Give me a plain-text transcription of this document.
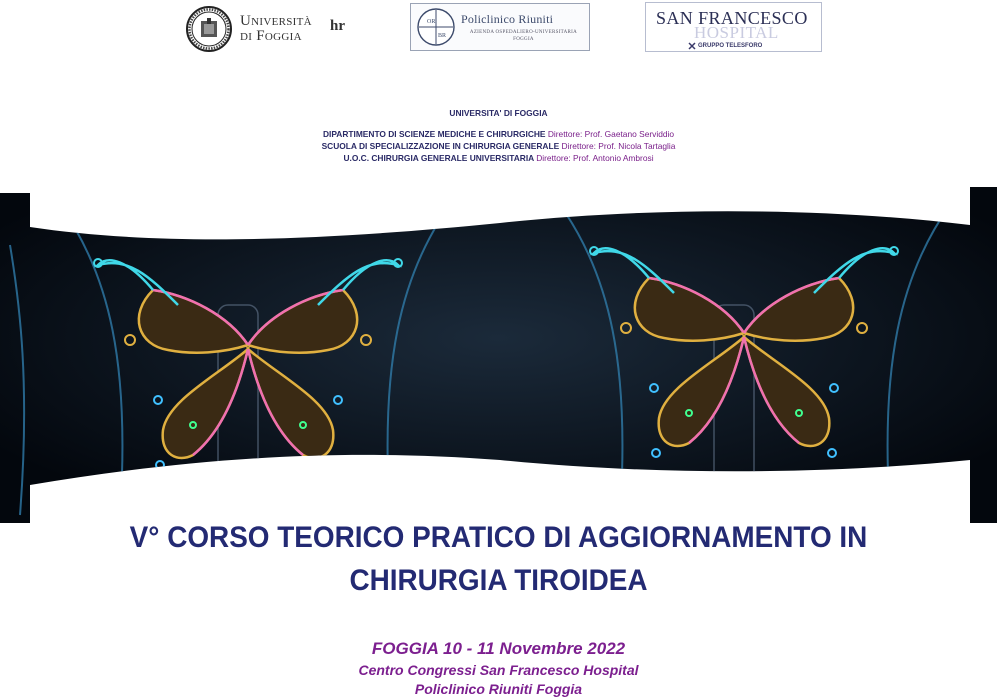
Università
di Foggia
hr	OR
BR
Policlinico Riuniti
AZIENDA OSPEDALIERO-UNIVERSITARIA FOGGIA	HOSPITAL
SAN FRANCESCO
GRUPPO TELESFORO
UNIVERSITA' DI FOGGIA
DIPARTIMENTO DI SCIENZE MEDICHE E CHIRURGICHE Direttore: Prof. Gaetano Serviddio
SCUOLA DI SPECIALIZZAZIONE IN CHIRURGIA GENERALE Direttore: Prof. Nicola Tartaglia
U.O.C. CHIRURGIA GENERALE UNIVERSITARIA Direttore: Prof. Antonio Ambrosi
V° CORSO TEORICO PRATICO DI AGGIORNAMENTO IN
CHIRURGIA TIROIDEA
FOGGIA 10 - 11 Novembre 2022
Centro Congressi San Francesco Hospital
Policlinico Riuniti Foggia
